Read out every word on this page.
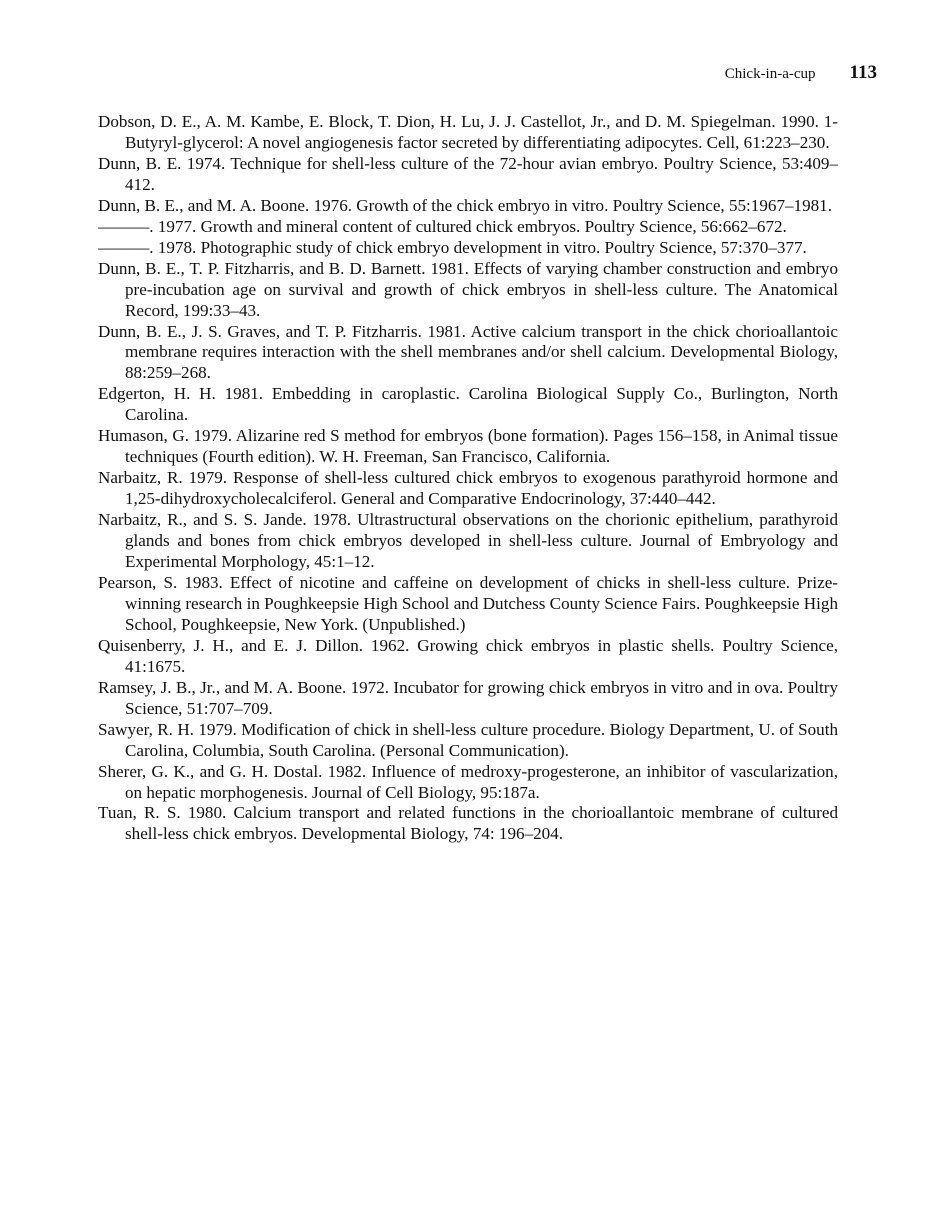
Chick-in-a-cup 113
Dobson, D. E., A. M. Kambe, E. Block, T. Dion, H. Lu, J. J. Castellot, Jr., and D. M. Spiegelman. 1990. 1-Butyryl-glycerol: A novel angiogenesis factor secreted by differentiating adipocytes. Cell, 61:223–230.
Dunn, B. E. 1974. Technique for shell-less culture of the 72-hour avian embryo. Poultry Science, 53:409–412.
Dunn, B. E., and M. A. Boone. 1976. Growth of the chick embryo in vitro. Poultry Science, 55:1967–1981.
———. 1977. Growth and mineral content of cultured chick embryos. Poultry Science, 56:662–672.
———. 1978. Photographic study of chick embryo development in vitro. Poultry Science, 57:370–377.
Dunn, B. E., T. P. Fitzharris, and B. D. Barnett. 1981. Effects of varying chamber construction and embryo pre-incubation age on survival and growth of chick embryos in shell-less culture. The Anatomical Record, 199:33–43.
Dunn, B. E., J. S. Graves, and T. P. Fitzharris. 1981. Active calcium transport in the chick chorioallantoic membrane requires interaction with the shell membranes and/or shell calcium. Developmental Biology, 88:259–268.
Edgerton, H. H. 1981. Embedding in caroplastic. Carolina Biological Supply Co., Burlington, North Carolina.
Humason, G. 1979. Alizarine red S method for embryos (bone formation). Pages 156–158, in Animal tissue techniques (Fourth edition). W. H. Freeman, San Francisco, California.
Narbaitz, R. 1979. Response of shell-less cultured chick embryos to exogenous parathyroid hormone and 1,25-dihydroxycholecalciferol. General and Comparative Endocrinology, 37:440–442.
Narbaitz, R., and S. S. Jande. 1978. Ultrastructural observations on the chorionic epithelium, parathyroid glands and bones from chick embryos developed in shell-less culture. Journal of Embryology and Experimental Morphology, 45:1–12.
Pearson, S. 1983. Effect of nicotine and caffeine on development of chicks in shell-less culture. Prize-winning research in Poughkeepsie High School and Dutchess County Science Fairs. Poughkeepsie High School, Poughkeepsie, New York. (Unpublished.)
Quisenberry, J. H., and E. J. Dillon. 1962. Growing chick embryos in plastic shells. Poultry Science, 41:1675.
Ramsey, J. B., Jr., and M. A. Boone. 1972. Incubator for growing chick embryos in vitro and in ova. Poultry Science, 51:707–709.
Sawyer, R. H. 1979. Modification of chick in shell-less culture procedure. Biology Department, U. of South Carolina, Columbia, South Carolina. (Personal Communication).
Sherer, G. K., and G. H. Dostal. 1982. Influence of medroxy-progesterone, an inhibitor of vascularization, on hepatic morphogenesis. Journal of Cell Biology, 95:187a.
Tuan, R. S. 1980. Calcium transport and related functions in the chorioallantoic membrane of cultured shell-less chick embryos. Developmental Biology, 74: 196–204.
